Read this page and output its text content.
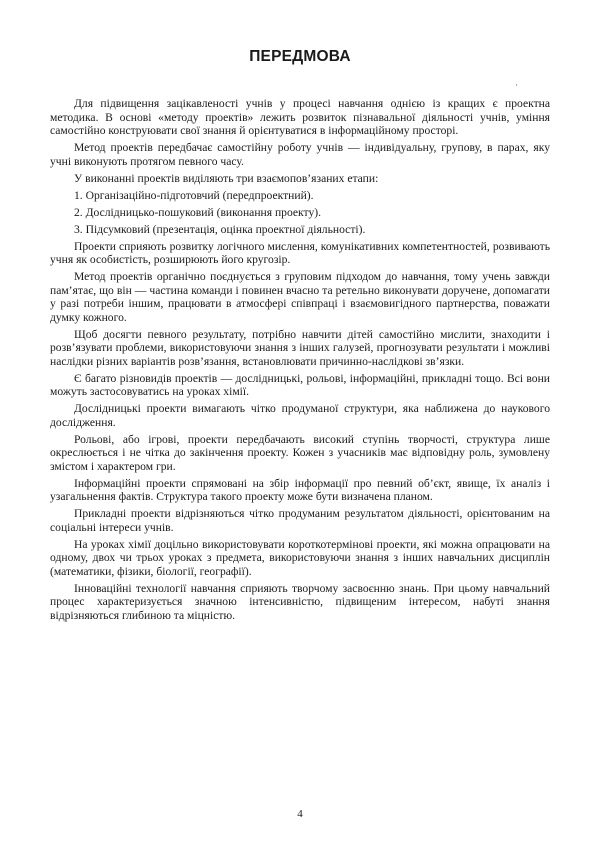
ПЕРЕДМОВА
·

Для підвищення зацікавленості учнів у процесі навчання однією із кращих є проектна методика. В основі «методу проектів» лежить розвиток пізнавальної діяльності учнів, уміння самостійно конструювати свої знання й орієнтуватися в інформаційному просторі.

Метод проектів передбачає самостійну роботу учнів — індивідуальну, групову, в парах, яку учні виконують протягом певного часу.

У виконанні проектів виділяють три взаємопов’язаних етапи:

1. Організаційно-підготовчий (передпроектний).

2. Дослідницько-пошуковий (виконання проекту).

3. Підсумковий (презентація, оцінка проектної діяльності).

Проекти сприяють розвитку логічного мислення, комунікативних компетентностей, розвивають учня як особистість, розширюють його кругозір.

Метод проектів органічно поєднується з груповим підходом до навчання, тому учень завжди пам’ятає, що він — частина команди і повинен вчасно та ретельно виконувати доручене, допомагати у разі потреби іншим, працювати в атмосфері співпраці і взаємовигідного партнерства, поважати думку кожного.

Щоб досягти певного результату, потрібно навчити дітей самостійно мислити, знаходити і розв’язувати проблеми, використовуючи знання з інших галузей, прогнозувати результати і можливі наслідки різних варіантів розв’язання, встановлювати причинно-наслідкові зв’язки.

Є багато різновидів проектів — дослідницькі, рольові, інформаційні, прикладні тощо. Всі вони можуть застосовуватись на уроках хімії.

Дослідницькі проекти вимагають чітко продуманої структури, яка наближена до наукового дослідження.

Рольові, або ігрові, проекти передбачають високий ступінь творчості, структура лише окреслюється і не чітка до закінчення проекту. Кожен з учасників має відповідну роль, зумовлену змістом і характером гри.

Інформаційні проекти спрямовані на збір інформації про певний об’єкт, явище, їх аналіз і узагальнення фактів. Структура такого проекту може бути визначена планом.

Прикладні проекти відрізняються чітко продуманим результатом діяльності, орієнтованим на соціальні інтереси учнів.

На уроках хімії доцільно використовувати короткотермінові проекти, які можна опрацювати на одному, двох чи трьох уроках з предмета, використовуючи знання з інших навчальних дисциплін (математики, фізики, біології, географії).

Інноваційні технології навчання сприяють творчому засвоєнню знань. При цьому навчальний процес характеризується значною інтенсивністю, підвищеним інтересом, набуті знання відрізняються глибиною та міцністю.

4
